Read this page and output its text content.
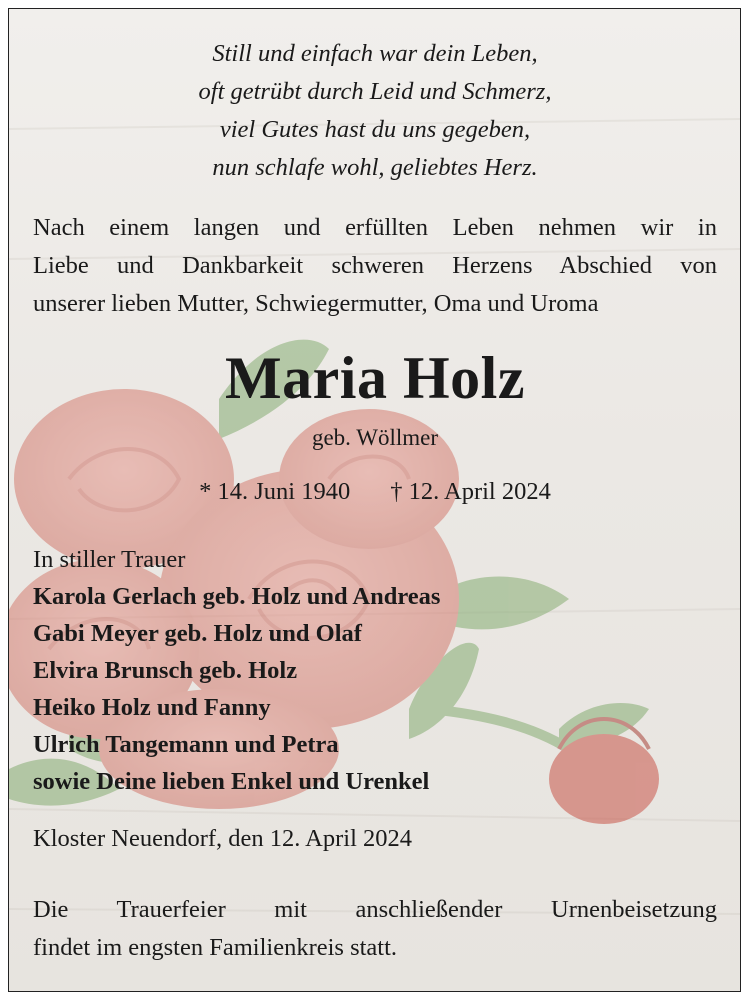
Still und einfach war dein Leben,
oft getrübt durch Leid und Schmerz,
viel Gutes hast du uns gegeben,
nun schlafe wohl, geliebtes Herz.
Nach einem langen und erfüllten Leben nehmen wir in
Liebe und Dankbarkeit schweren Herzens Abschied von
unserer lieben Mutter, Schwiegermutter, Oma und Uroma
Maria Holz
geb. Wöllmer
* 14. Juni 1940 † 12. April 2024
In stiller Trauer
Karola Gerlach geb. Holz und Andreas
Gabi Meyer geb. Holz und Olaf
Elvira Brunsch geb. Holz
Heiko Holz und Fanny
Ulrich Tangemann und Petra
sowie Deine lieben Enkel und Urenkel
Kloster Neuendorf, den 12. April 2024
Die Trauerfeier mit anschließender Urnenbeisetzung
findet im engsten Familienkreis statt.
